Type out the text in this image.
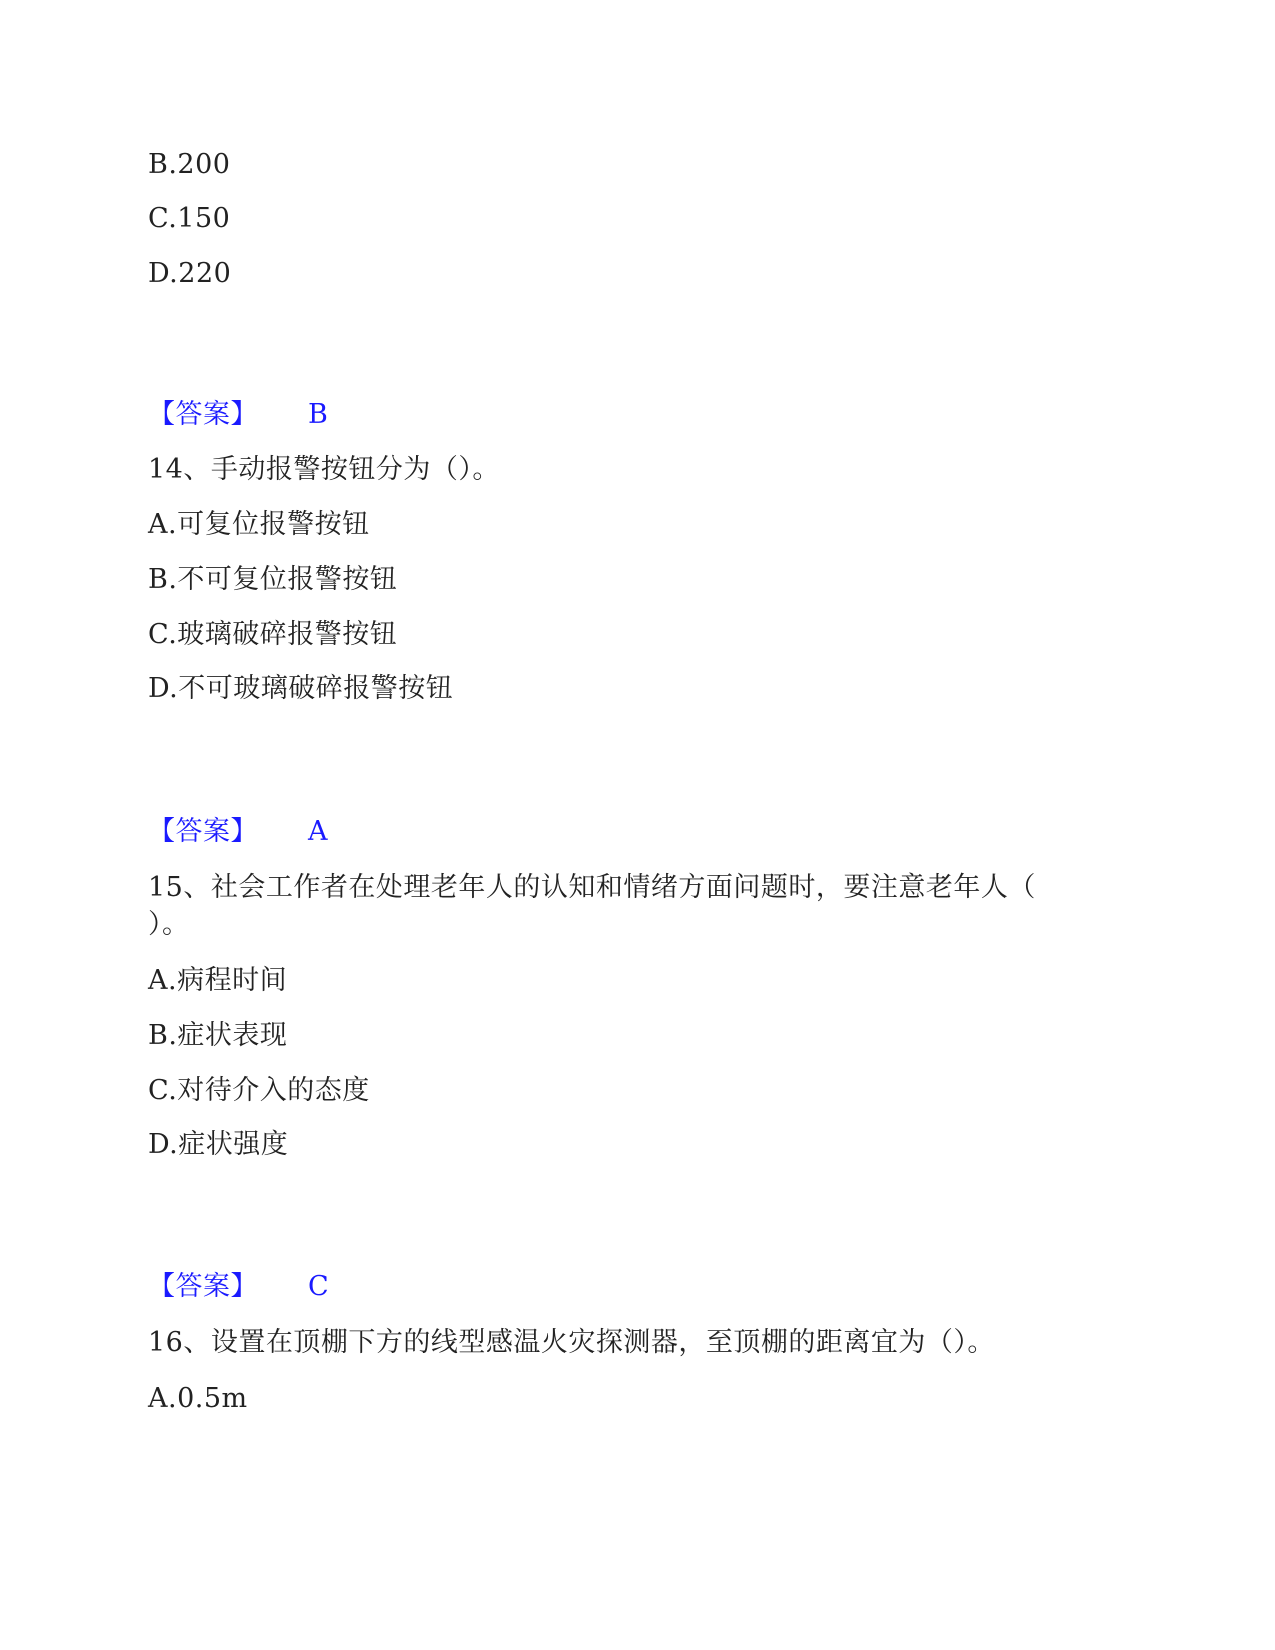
B.200
C.150
D.220
【答案】 B
14、手动报警按钮分为（）。
A.可复位报警按钮
B.不可复位报警按钮
C.玻璃破碎报警按钮
D.不可玻璃破碎报警按钮
【答案】 A
15、社会工作者在处理老年人的认知和情绪方面问题时，要注意老年人（
）。
A.病程时间
B.症状表现
C.对待介入的态度
D.症状强度
【答案】 C
16、设置在顶棚下方的线型感温火灾探测器，至顶棚的距离宜为（）。
A.0.5m
